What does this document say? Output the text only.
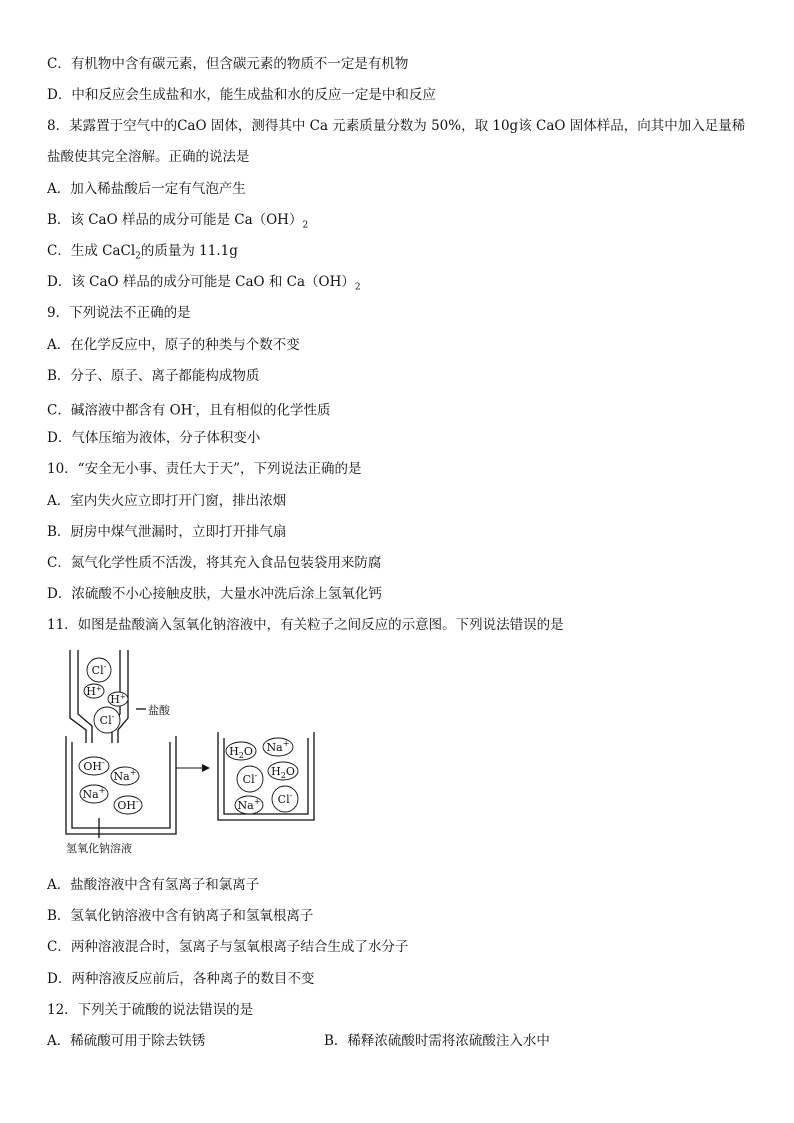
C．有机物中含有碳元素，但含碳元素的物质不一定是有机物
D．中和反应会生成盐和水，能生成盐和水的反应一定是中和反应
8．某露置于空气中的CaO 固体，测得其中 Ca 元素质量分数为 50%，取 10g该 CaO 固体样品，向其中加入足量稀
盐酸使其完全溶解。正确的说法是
A．加入稀盐酸后一定有气泡产生
B．该 CaO 样品的成分可能是 $Ca(OH)_2$
C．生成 CaCl$_2$的质量为 11.1g
D．该 CaO 样品的成分可能是 CaO 和 $Ca(OH)_2$
9．下列说法不正确的是
A．在化学反应中，原子的种类与个数不变
B．分子、原子、离子都能构成物质
C．碱溶液中都含有 OH-，且有相似的化学性质
D．气体压缩为液体，分子体积变小
10．“安全无小事、责任大于天”，下列说法正确的是
A．室内失火应立即打开门窗，排出浓烟
B．厨房中煤气泄漏时，立即打开排气扇
C．氮气化学性质不活泼，将其充入食品包装袋用来防腐
D．浓硫酸不小心接触皮肤，大量水冲洗后涂上氢氧化钙
11．如图是盐酸滴入氢氧化钠溶液中，有关粒子之间反应的示意图。下列说法错误的是
Cl-
H+
H+
Cl-
OH-
Na+
Na+
OH-
$H_2O$ Na+
Cl- $H_2O$
Cl-
Na+
盐酸
氢氧化钠溶液
A．盐酸溶液中含有氢离子和氯离子
B．氢氧化钠溶液中含有钠离子和氢氧根离子
C．两种溶液混合时，氢离子与氢氧根离子结合生成了水分子
D．两种溶液反应前后，各种离子的数目不变
12．下列关于硫酸的说法错误的是
A．稀硫酸可用于除去铁锈	B．稀释浓硫酸时需将浓硫酸注入水中
